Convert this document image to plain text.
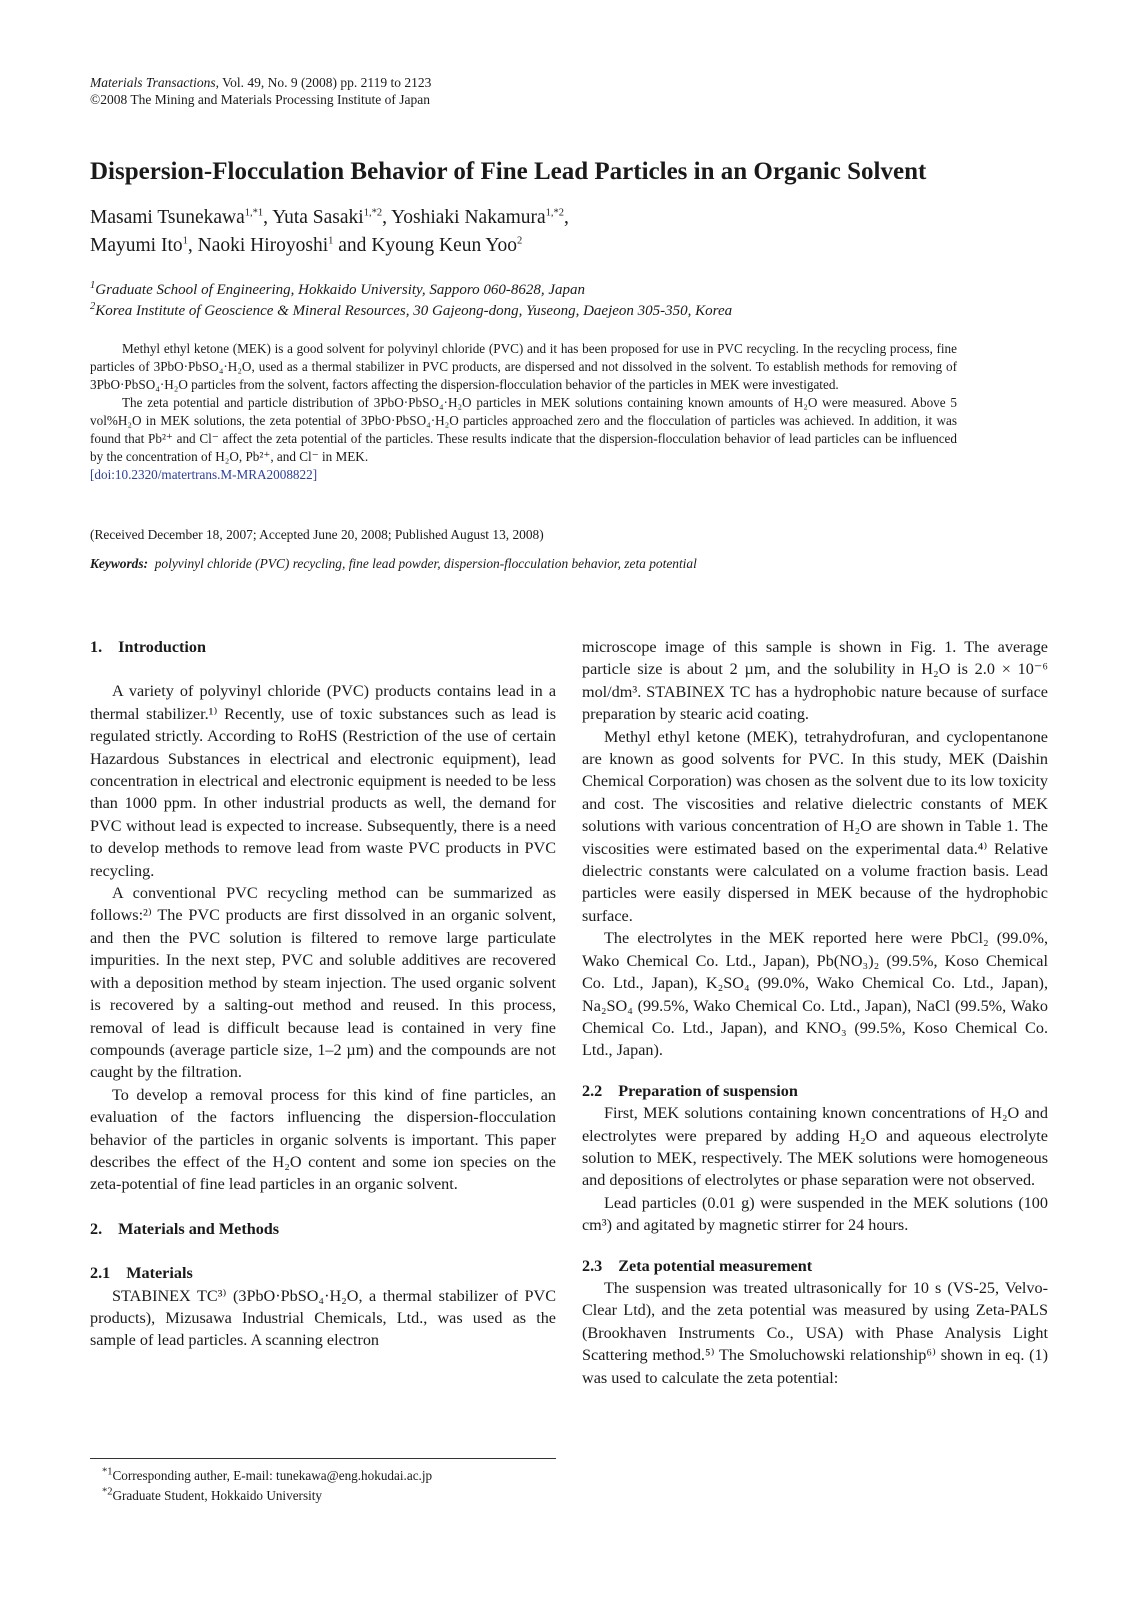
Materials Transactions, Vol. 49, No. 9 (2008) pp. 2119 to 2123
©2008 The Mining and Materials Processing Institute of Japan
Dispersion-Flocculation Behavior of Fine Lead Particles in an Organic Solvent
Masami Tsunekawa$^{1,*1}$, Yuta Sasaki$^{1,*2}$, Yoshiaki Nakamura$^{1,*2}$,
Mayumi Ito$^1$, Naoki Hiroyoshi$^1$ and Kyoung Keun Yoo$^2$
$^1$Graduate School of Engineering, Hokkaido University, Sapporo 060-8628, Japan
$^2$Korea Institute of Geoscience & Mineral Resources, 30 Gajeong-dong, Yuseong, Daejeon 305-350, Korea

Methyl ethyl ketone (MEK) is a good solvent for polyvinyl chloride (PVC) and it has been proposed for use in PVC recycling. In the recycling process, fine particles of 3PbO·PbSO₄·H₂O, used as a thermal stabilizer in PVC products, are dispersed and not dissolved in the solvent. To establish methods for removing of 3PbO·PbSO₄·H₂O particles from the solvent, factors affecting the dispersion-flocculation behavior of the particles in MEK were investigated.

The zeta potential and particle distribution of 3PbO·PbSO₄·H₂O particles in MEK solutions containing known amounts of H₂O were measured. Above 5 vol%H₂O in MEK solutions, the zeta potential of 3PbO·PbSO₄·H₂O particles approached zero and the flocculation of particles was achieved. In addition, it was found that Pb²⁺ and Cl⁻ affect the zeta potential of the particles. These results indicate that the dispersion-flocculation behavior of lead particles can be influenced by the concentration of H₂O, Pb²⁺, and Cl⁻ in MEK.

[doi:10.2320/matertrans.M-MRA2008822]
(Received December 18, 2007; Accepted June 20, 2008; Published August 13, 2008)
Keywords: polyvinyl chloride (PVC) recycling, fine lead powder, dispersion-flocculation behavior, zeta potential
1. Introduction

A variety of polyvinyl chloride (PVC) products contains lead in a thermal stabilizer.¹⁾ Recently, use of toxic substances such as lead is regulated strictly. According to RoHS (Restriction of the use of certain Hazardous Substances in electrical and electronic equipment), lead concentration in electrical and electronic equipment is needed to be less than 1000 ppm. In other industrial products as well, the demand for PVC without lead is expected to increase. Subsequently, there is a need to develop methods to remove lead from waste PVC products in PVC recycling.

A conventional PVC recycling method can be summarized as follows:²⁾ The PVC products are first dissolved in an organic solvent, and then the PVC solution is filtered to remove large particulate impurities. In the next step, PVC and soluble additives are recovered with a deposition method by steam injection. The used organic solvent is recovered by a salting-out method and reused. In this process, removal of lead is difficult because lead is contained in very fine compounds (average particle size, 1–2 µm) and the compounds are not caught by the filtration.

To develop a removal process for this kind of fine particles, an evaluation of the factors influencing the dispersion-flocculation behavior of the particles in organic solvents is important. This paper describes the effect of the H₂O content and some ion species on the zeta-potential of fine lead particles in an organic solvent.

2. Materials and Methods
2.1 Materials

STABINEX TC³⁾ (3PbO·PbSO₄·H₂O, a thermal stabilizer of PVC products), Mizusawa Industrial Chemicals, Ltd., was used as the sample of lead particles. A scanning electron

microscope image of this sample is shown in Fig. 1. The average particle size is about 2 µm, and the solubility in H₂O is 2.0 × 10⁻⁶ mol/dm³. STABINEX TC has a hydrophobic nature because of surface preparation by stearic acid coating.

Methyl ethyl ketone (MEK), tetrahydrofuran, and cyclopentanone are known as good solvents for PVC. In this study, MEK (Daishin Chemical Corporation) was chosen as the solvent due to its low toxicity and cost. The viscosities and relative dielectric constants of MEK solutions with various concentration of H₂O are shown in Table 1. The viscosities were estimated based on the experimental data.⁴⁾ Relative dielectric constants were calculated on a volume fraction basis. Lead particles were easily dispersed in MEK because of the hydrophobic surface.

The electrolytes in the MEK reported here were PbCl₂ (99.0%, Wako Chemical Co. Ltd., Japan), Pb(NO₃)₂ (99.5%, Koso Chemical Co. Ltd., Japan), K₂SO₄ (99.0%, Wako Chemical Co. Ltd., Japan), Na₂SO₄ (99.5%, Wako Chemical Co. Ltd., Japan), NaCl (99.5%, Wako Chemical Co. Ltd., Japan), and KNO₃ (99.5%, Koso Chemical Co. Ltd., Japan).

2.2 Preparation of suspension

First, MEK solutions containing known concentrations of H₂O and electrolytes were prepared by adding H₂O and aqueous electrolyte solution to MEK, respectively. The MEK solutions were homogeneous and depositions of electrolytes or phase separation were not observed.

Lead particles (0.01 g) were suspended in the MEK solutions (100 cm³) and agitated by magnetic stirrer for 24 hours.

2.3 Zeta potential measurement

The suspension was treated ultrasonically for 10 s (VS-25, Velvo-Clear Ltd), and the zeta potential was measured by using Zeta-PALS (Brookhaven Instruments Co., USA) with Phase Analysis Light Scattering method.⁵⁾ The Smoluchowski relationship⁶⁾ shown in eq. (1) was used to calculate the zeta potential:

$^{*1}$Corresponding auther, E-mail: tunekawa@eng.hokudai.ac.jp
$^{*2}$Graduate Student, Hokkaido University
